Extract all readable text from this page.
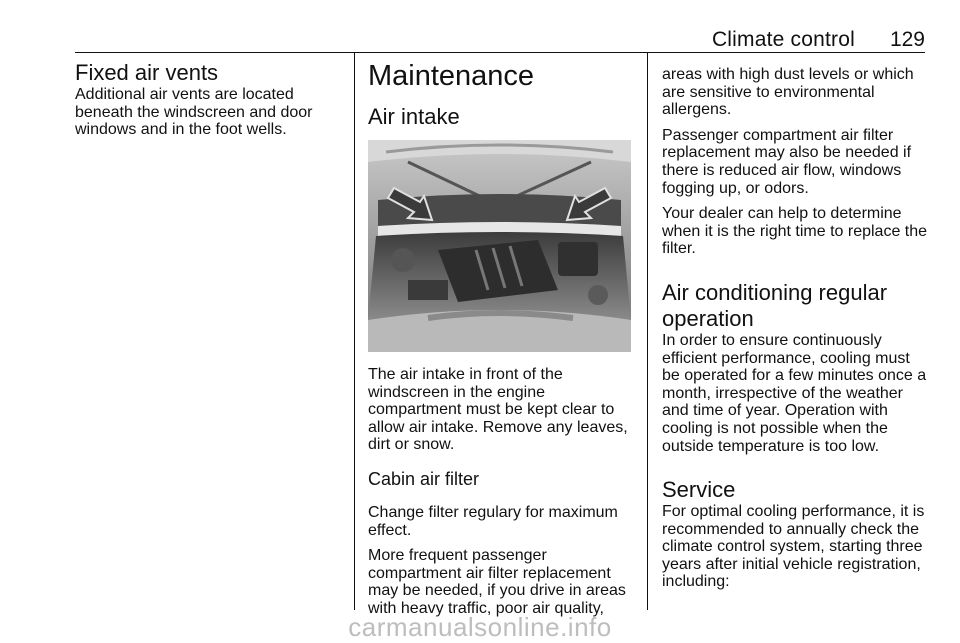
Climate control 129
Fixed air vents

Additional air vents are located beneath the windscreen and door windows and in the foot wells.

Maintenance
Air intake

The air intake in front of the windscreen in the engine compartment must be kept clear to allow air intake. Remove any leaves, dirt or snow.

Cabin air filter

Change filter regulary for maximum effect.

More frequent passenger compartment air filter replacement may be needed, if you drive in areas with heavy traffic, poor air quality,

areas with high dust levels or which are sensitive to environmental allergens.

Passenger compartment air filter replacement may also be needed if there is reduced air flow, windows fogging up, or odors.

Your dealer can help to determine when it is the right time to replace the filter.

Air conditioning regular operation

In order to ensure continuously efficient performance, cooling must be operated for a few minutes once a month, irrespective of the weather and time of year. Operation with cooling is not possible when the outside temperature is too low.

Service

For optimal cooling performance, it is recommended to annually check the climate control system, starting three years after initial vehicle registration, including:

carmanualsonline.info
